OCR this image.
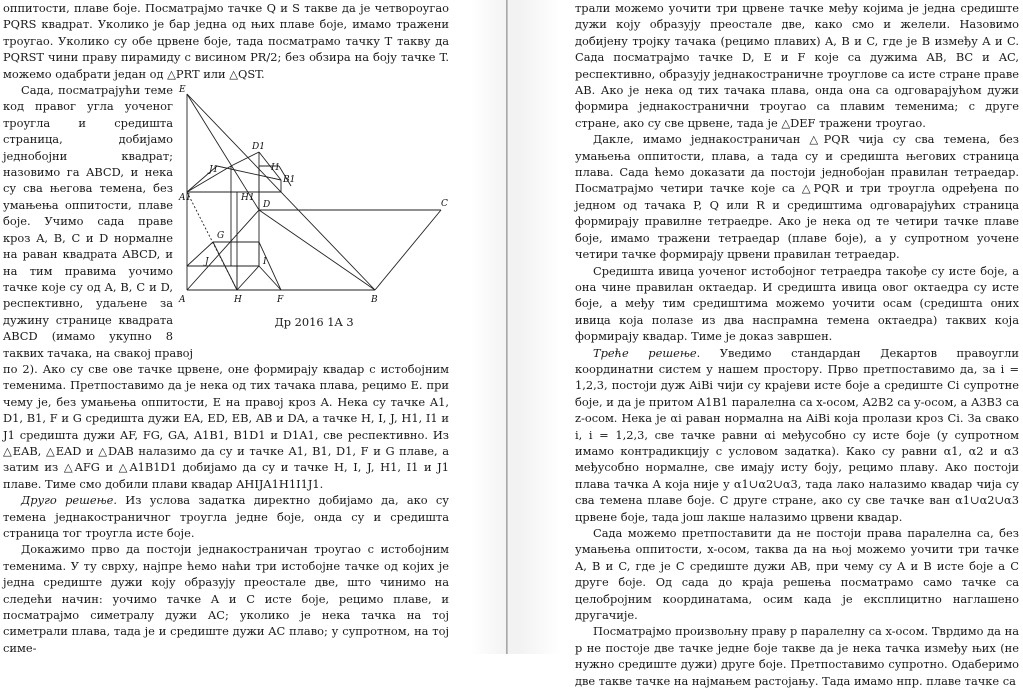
оппитости, плаве боје. Посматрајмо тачке Q и S такве да је четвороугао PQRS квадрат. Уколико је бар једна од њих плаве боје, имамо тражени троугао. Уколико су обе црвене боје, тада посматрамо тачку T такву да PQRST чини праву пирамиду с висином PR/2; без обзира на боју тачке T. можемо одабрати један од △PRT или △QST.

E
D1
J1	I1
B1
A1	H1
D	C
G
J	I
A	H	F	B
Др 2016 1A 3

Сада, посматрајући теме код правог угла уоченог троугла и средишта страница, добијамо једнобојни квадрат; назовимо га ABCD, и нека су сва његова темена, без умањења оппитости, плаве боје. Учимо сада праве кроз A, B, C и D нормалне на раван квадрата ABCD, и на тим правима уочимо тачке које су од A, B, C и D, респективно, удаљене за дужину странице квадрата ABCD (имамо укупно 8 таквих тачака, на свакој правој

по 2). Ако су све ове тачке црвене, оне формирају квадар с истобојним теменима. Претпоставимо да је нека од тих тачака плава, рецимо E. при чему је, без умањења оппитости, E на правој кроз A. Нека су тачке A1, D1, B1, F и G средишта дужи EA, ED, EB, AB и DA, а тачке H, I, J, H1, I1 и J1 средишта дужи AF, FG, GA, A1B1, B1D1 и D1A1, све респективно. Из △EAB, △EAD и △DAB налазимо да су и тачке A1, B1, D1, F и G плаве, а затим из △AFG и △A1B1D1 добијамо да су и тачке H, I, J, H1, I1 и J1 плаве. Тиме смо добили плави квадар AHIJA1H1I1J1.

Друго решење. Из услова задатка директно добијамо да, ако су темена једнакостраничног троугла једне боје, онда су и средишта страница тог троугла исте боје.

Докажимо прво да постоји једнакостраничан троугао с истобојним теменима. У ту сврху, најпре ћемо наћи три истобојне тачке од којих је једна средиште дужи коју образују преостале две, што чинимо на следећи начин: уочимо тачке A и C исте боје, рецимо плаве, и посматрајмо симетралу дужи AC; уколико је нека тачка на тој симетрали плава, тада је и средиште дужи AC плаво; у супротном, на тој симе-

трали можемо уочити три црвене тачке међу којима је једна средиште дужи коју образују преостале две, како смо и желели. Назовимо добијену тројку тачака (рецимо плавих) A, B и C, где је B између A и C. Сада посматрајмо тачке D, E и F које са дужима AB, BC и AC, респективно, образују једнакостраничне троуглове са исте стране праве AB. Ако је нека од тих тачака плава, онда она са одговарајућом дужи формира једнакостранични троугао са плавим теменима; с друге стране, ако су све црвене, тада је △DEF тражени троугао.

Дакле, имамо једнакостраничан △PQR чија су сва темена, без умањења оппитости, плава, а тада су и средишта његових страница плава. Сада ћемо доказати да постоји једнобојан правилан тетраедар. Посматрајмо четири тачке које са △PQR и три троугла одређена по једном од тачака P, Q или R и средиштима одговарајућих страница формирају правилне тетраедре. Ако је нека од те четири тачке плаве боје, имамо тражени тетраедар (плаве боје), а у супротном уочене четири тачке формирају црвени правилан тетраедар.

Средишта ивица уоченог истобојног тетраедра такође су исте боје, а она чине правилан октаедар. И средишта ивица овог октаедра су исте боје, а међу тим средиштима можемо уочити осам (средишта оних ивица која полазе из два наспрамна темена октаедра) таквих која формирају квадар. Тиме је доказ завршен.

Треће решење. Уведимо стандардан Декартов правоугли координатни систем у нашем простору. Прво претпоставимо да, за i = 1,2,3, постоји дуж AiBi чији су крајеви исте боје а средиште Ci супротне боје, и да је притом A1B1 паралелна са x-осом, A2B2 са y-осом, а A3B3 са z-осом. Нека је αi раван нормална на AiBi која пролази кроз Ci. За свако i, i = 1,2,3, све тачке равни αi међусобно су исте боје (у супротном имамо контрадикцију с условом задатка). Како су равни α1, α2 и α3 међусобно нормалне, све имају исту боју, рецимо плаву. Ако постоји плава тачка A која није у α1∪α2∪α3, тада лако налазимо квадар чија су сва темена плаве боје. С друге стране, ако су све тачке ван α1∪α2∪α3 црвене боје, тада још лакше налазимо црвени квадар.

Сада можемо претпоставити да не постоји права паралелна са, без умањења оппитости, x-осом, таква да на њој можемо уочити три тачке A, B и C, где је C средиште дужи AB, при чему су A и B исте боје а C друге боје. Од сада до краја решења посматрамо само тачке са целобројним координатама, осим када је експлицитно наглашено другачије.

Посматрајмо произвољну праву p паралелну са x-осом. Тврдимо да на p не постоје две тачке једне боје такве да је нека тачка између њих (не нужно средиште дужи) друге боје. Претпоставимо супротно. Одаберимо две такве тачке на најмањем растојању. Тада имамо нпр. плаве тачке са
